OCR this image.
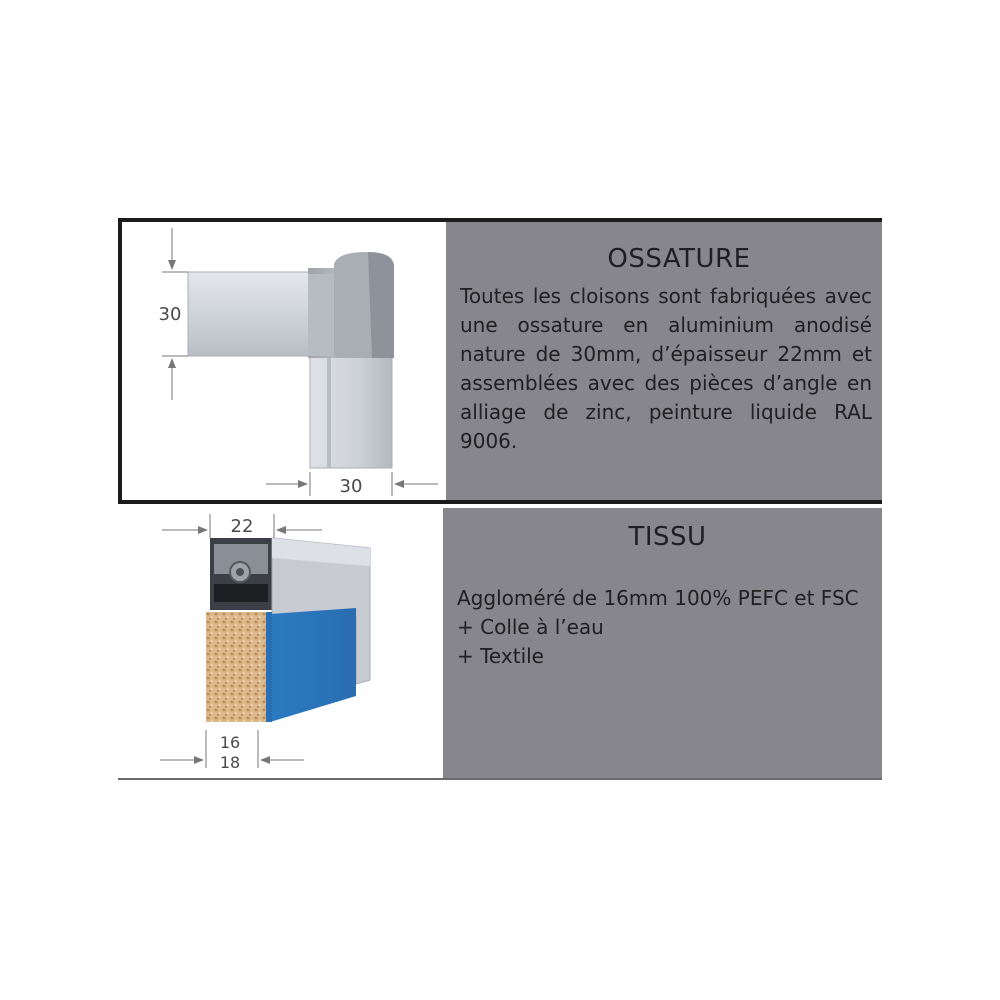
30
30
OSSATURE
Toutes les cloisons sont fabriquées avec une ossature en aluminium anodisé nature de 30mm, d’épaisseur 22mm et assemblées avec des pièces d’angle en alliage de zinc, peinture liquide RAL 9006.
22
16
18
TISSU
Aggloméré de 16mm 100% PEFC et FSC
+ Colle à l’eau
+ Textile
